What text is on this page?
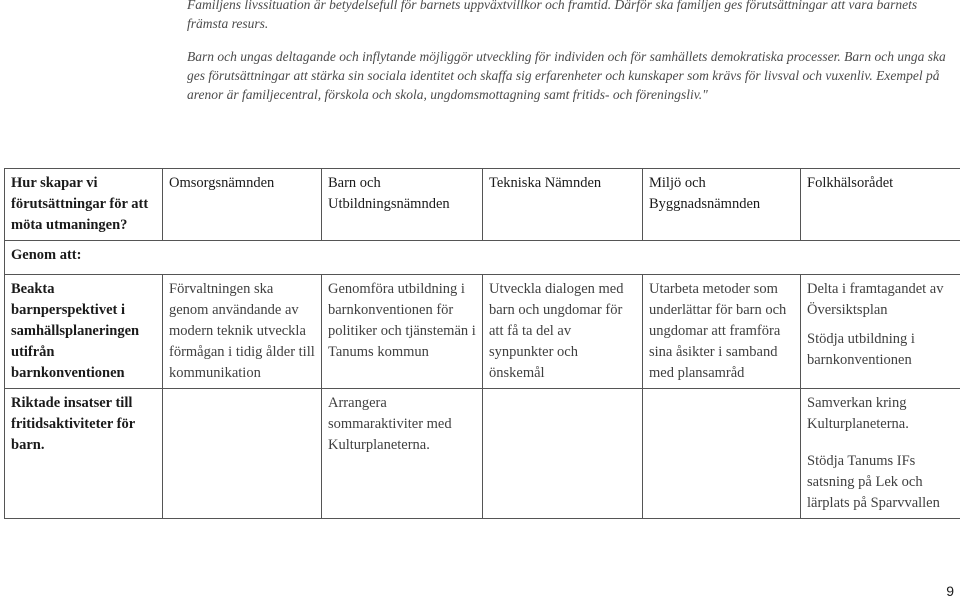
Familjens livssituation är betydelsefull för barnets uppväxtvillkor och framtid. Därför ska familjen ges förutsättningar att vara barnets främsta resurs.

Barn och ungas deltagande och inflytande möjliggör utveckling för individen och för samhällets demokratiska processer. Barn och unga ska ges förutsättningar att stärka sin sociala identitet och skaffa sig erfarenheter och kunskaper som krävs för livsval och vuxenliv. Exempel på arenor är familjecentral, förskola och skola, ungdomsmottagning samt fritids- och föreningsliv."

Hur skapar vi förutsättningar för att möta utmaningen?	Omsorgsnämnden	Barn och Utbildningsnämnden	Tekniska Nämnden	Miljö och Byggnadsnämnden	Folkhälsorådet
Genom att:					
Beakta barnperspektivet i samhällsplaneringen utifrån barnkonventionen	Förvaltningen ska genom användande av modern teknik utveckla förmågan i tidig ålder till kommunikation	Genomföra utbildning i barnkonventionen för politiker och tjänstemän i Tanums kommun	Utveckla dialogen med barn och ungdomar för att få ta del av synpunkter och önskemål	Utarbeta metoder som underlättar för barn och ungdomar att framföra sina åsikter i samband med plansamråd	Delta i framtagandet av Översiktsplan

Stödja utbildning i barnkonventionen

Riktade insatser till fritidsaktiviteter för barn.		Arrangera sommaraktiviter med Kulturplaneterna.			Samverkan kring Kulturplaneterna.

Stödja Tanums IFs satsning på Lek och lärplats på Sparvvallen

9
